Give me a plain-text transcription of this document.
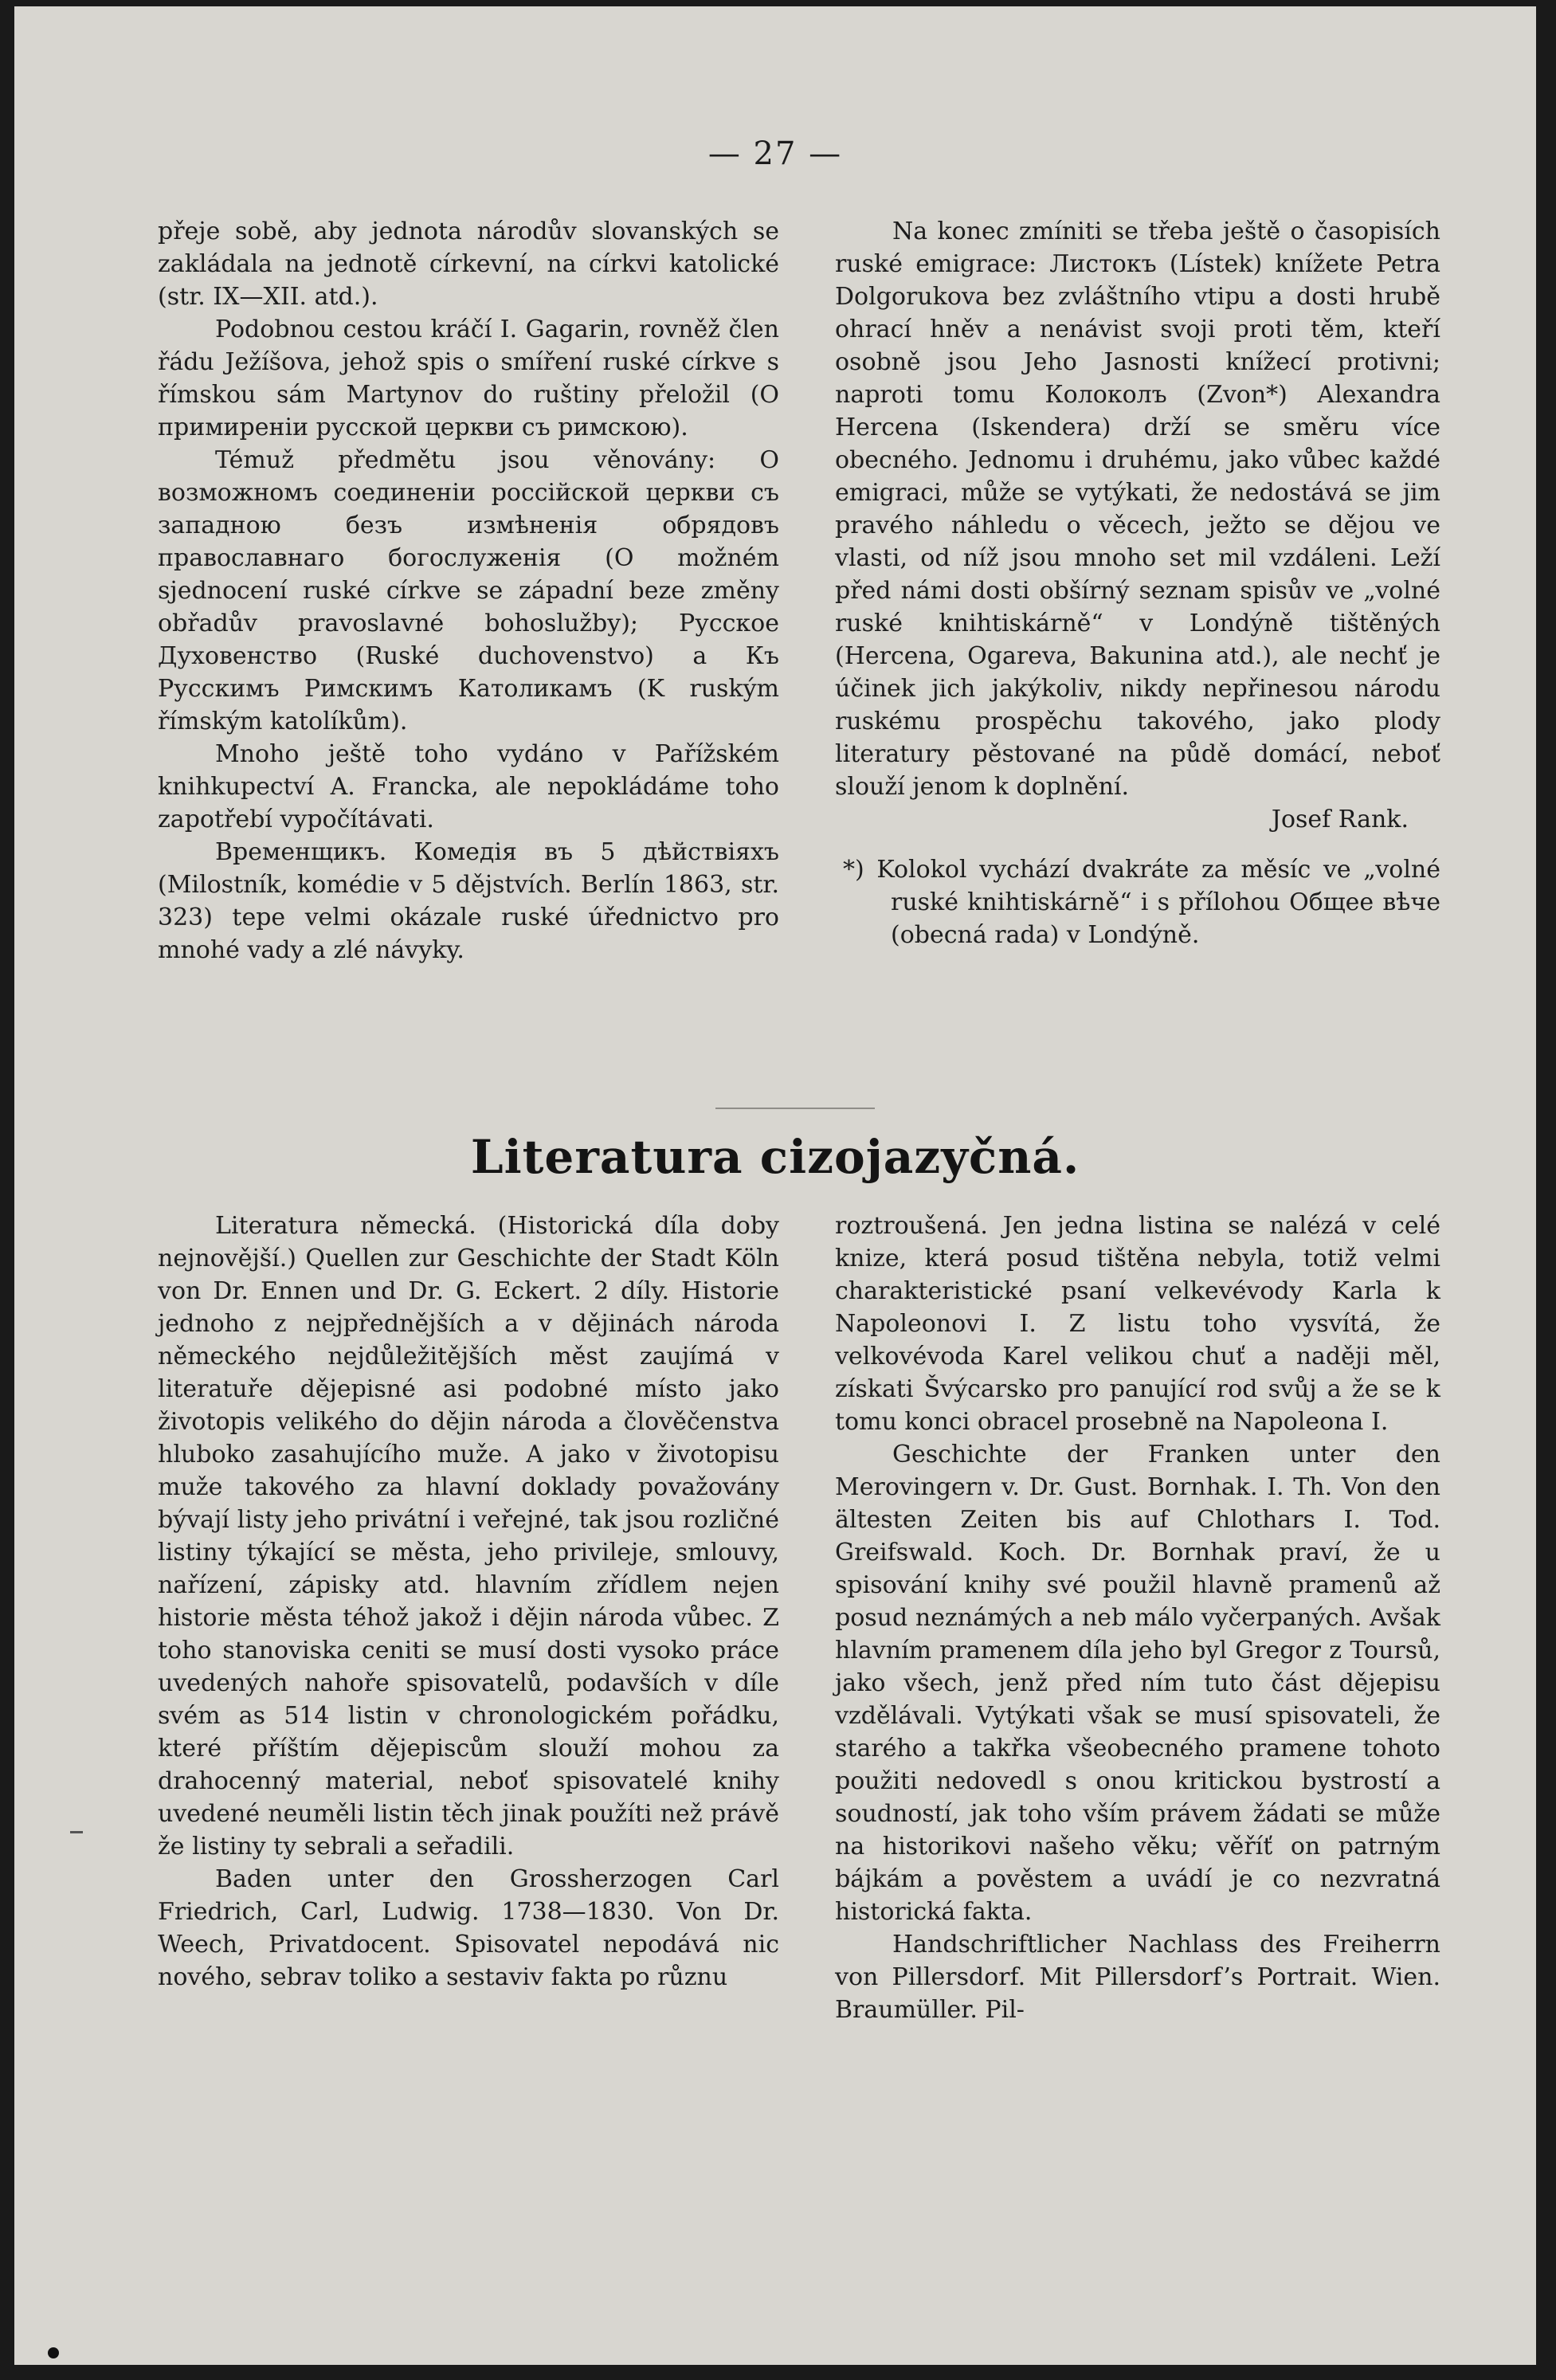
— 27 —

přeje sobě, aby jednota národův slovanských se zakládala na jednotě církevní, na církvi katolické (str. IX—XII. atd.).

Podobnou cestou kráčí I. Gagarin, rovněž člen řádu Ježíšova, jehož spis o smíření ruské církve s římskou sám Martynov do ruštiny přeložil (О примиреніи русской церкви съ римскою).

Témuž předmětu jsou věnovány: О возможномъ соединеніи россійской церкви съ западною безъ измѣненія обрядовъ православнаго богослуженія (O možném sjednocení ruské církve se západní beze změny obřadův pravoslavné bohoslužby); Русское Духовенство (Ruské duchovenstvo) a Къ Русскимъ Римскимъ Католикамъ (K ruským římským katolíkům).

Mnoho ještě toho vydáno v Pařížském knihkupectví A. Francka, ale nepokládáme toho zapotřebí vypočítávati.

Временщикъ. Комедія въ 5 дѣйствіяхъ (Milostník, komédie v 5 dějstvích. Berlín 1863, str. 323) tepe velmi okázale ruské úřednictvo pro mnohé vady a zlé návyky.

Na konec zmíniti se třeba ještě o časopisích ruské emigrace: Листокъ (Lístek) knížete Petra Dolgorukova bez zvláštního vtipu a dosti hrubě ohrací hněv a nenávist svoji proti těm, kteří osobně jsou Jeho Jasnosti knížecí protivni; naproti tomu Колоколъ (Zvon*) Alexandra Hercena (Iskendera) drží se směru více obecného. Jednomu i druhému, jako vůbec každé emigraci, může se vytýkati, že nedostává se jim pravého náhledu o věcech, ježto se dějou ve vlasti, od níž jsou mnoho set mil vzdáleni. Leží před námi dosti obšírný seznam spisův ve „volné ruské knihtiskárně“ v Londýně tištěných (Hercena, Ogareva, Bakunina atd.), ale nechť je účinek jich jakýkoliv, nikdy nepřinesou národu ruskému prospěchu takového, jako plody literatury pěstované na půdě domácí, neboť slouží jenom k doplnění.

Josef Rank.

*) Kolokol vychází dvakráte za měsíc ve „volné ruské knihtiskárně“ i s přílohou Общее вѣче (obecná rada) v Londýně.

Literatura cizojazyčná.

Literatura německá. (Historická díla doby nejnovější.) Quellen zur Geschichte der Stadt Köln von Dr. Ennen und Dr. G. Eckert. 2 díly. Historie jednoho z nejpřednějších a v dějinách národa německého nejdůležitějších měst zaujímá v literatuře dějepisné asi podobné místo jako životopis velikého do dějin národa a člověčenstva hluboko zasahujícího muže. A jako v životopisu muže takového za hlavní doklady považovány bývají listy jeho privátní i veřejné, tak jsou rozličné listiny týkající se města, jeho privileje, smlouvy, nařízení, zápisky atd. hlavním zřídlem nejen historie města téhož jakož i dějin národa vůbec. Z toho stanoviska ceniti se musí dosti vysoko práce uvedených nahoře spisovatelů, podavších v díle svém as 514 listin v chronologickém pořádku, které příštím dějepiscům slouží mohou za drahocenný material, neboť spisovatelé knihy uvedené neuměli listin těch jinak použíti než právě že listiny ty sebrali a seřadili.

Baden unter den Grossherzogen Carl Friedrich, Carl, Ludwig. 1738—1830. Von Dr. Weech, Privatdocent. Spisovatel nepodává nic nového, sebrav toliko a sestaviv fakta po různu

roztroušená. Jen jedna listina se nalézá v celé knize, která posud tištěna nebyla, totiž velmi charakteristické psaní velkevévody Karla k Napoleonovi I. Z listu toho vysvítá, že velkovévoda Karel velikou chuť a naději měl, získati Švýcarsko pro panující rod svůj a že se k tomu konci obracel prosebně na Napoleona I.

Geschichte der Franken unter den Merovingern v. Dr. Gust. Bornhak. I. Th. Von den ältesten Zeiten bis auf Chlothars I. Tod. Greifswald. Koch. Dr. Bornhak praví, že u spisování knihy své použil hlavně pramenů až posud neznámých a neb málo vyčerpaných. Avšak hlavním pramenem díla jeho byl Gregor z Toursů, jako všech, jenž před ním tuto část dějepisu vzdělávali. Vytýkati však se musí spisovateli, že starého a takřka všeobecného pramene tohoto použiti nedovedl s onou kritickou bystrostí a soudností, jak toho vším právem žádati se může na historikovi našeho věku; věříť on patrným bájkám a pověstem a uvádí je co nezvratná historická fakta.

Handschriftlicher Nachlass des Freiherrn von Pillersdorf. Mit Pillersdorf’s Portrait. Wien. Braumüller. Pil-
